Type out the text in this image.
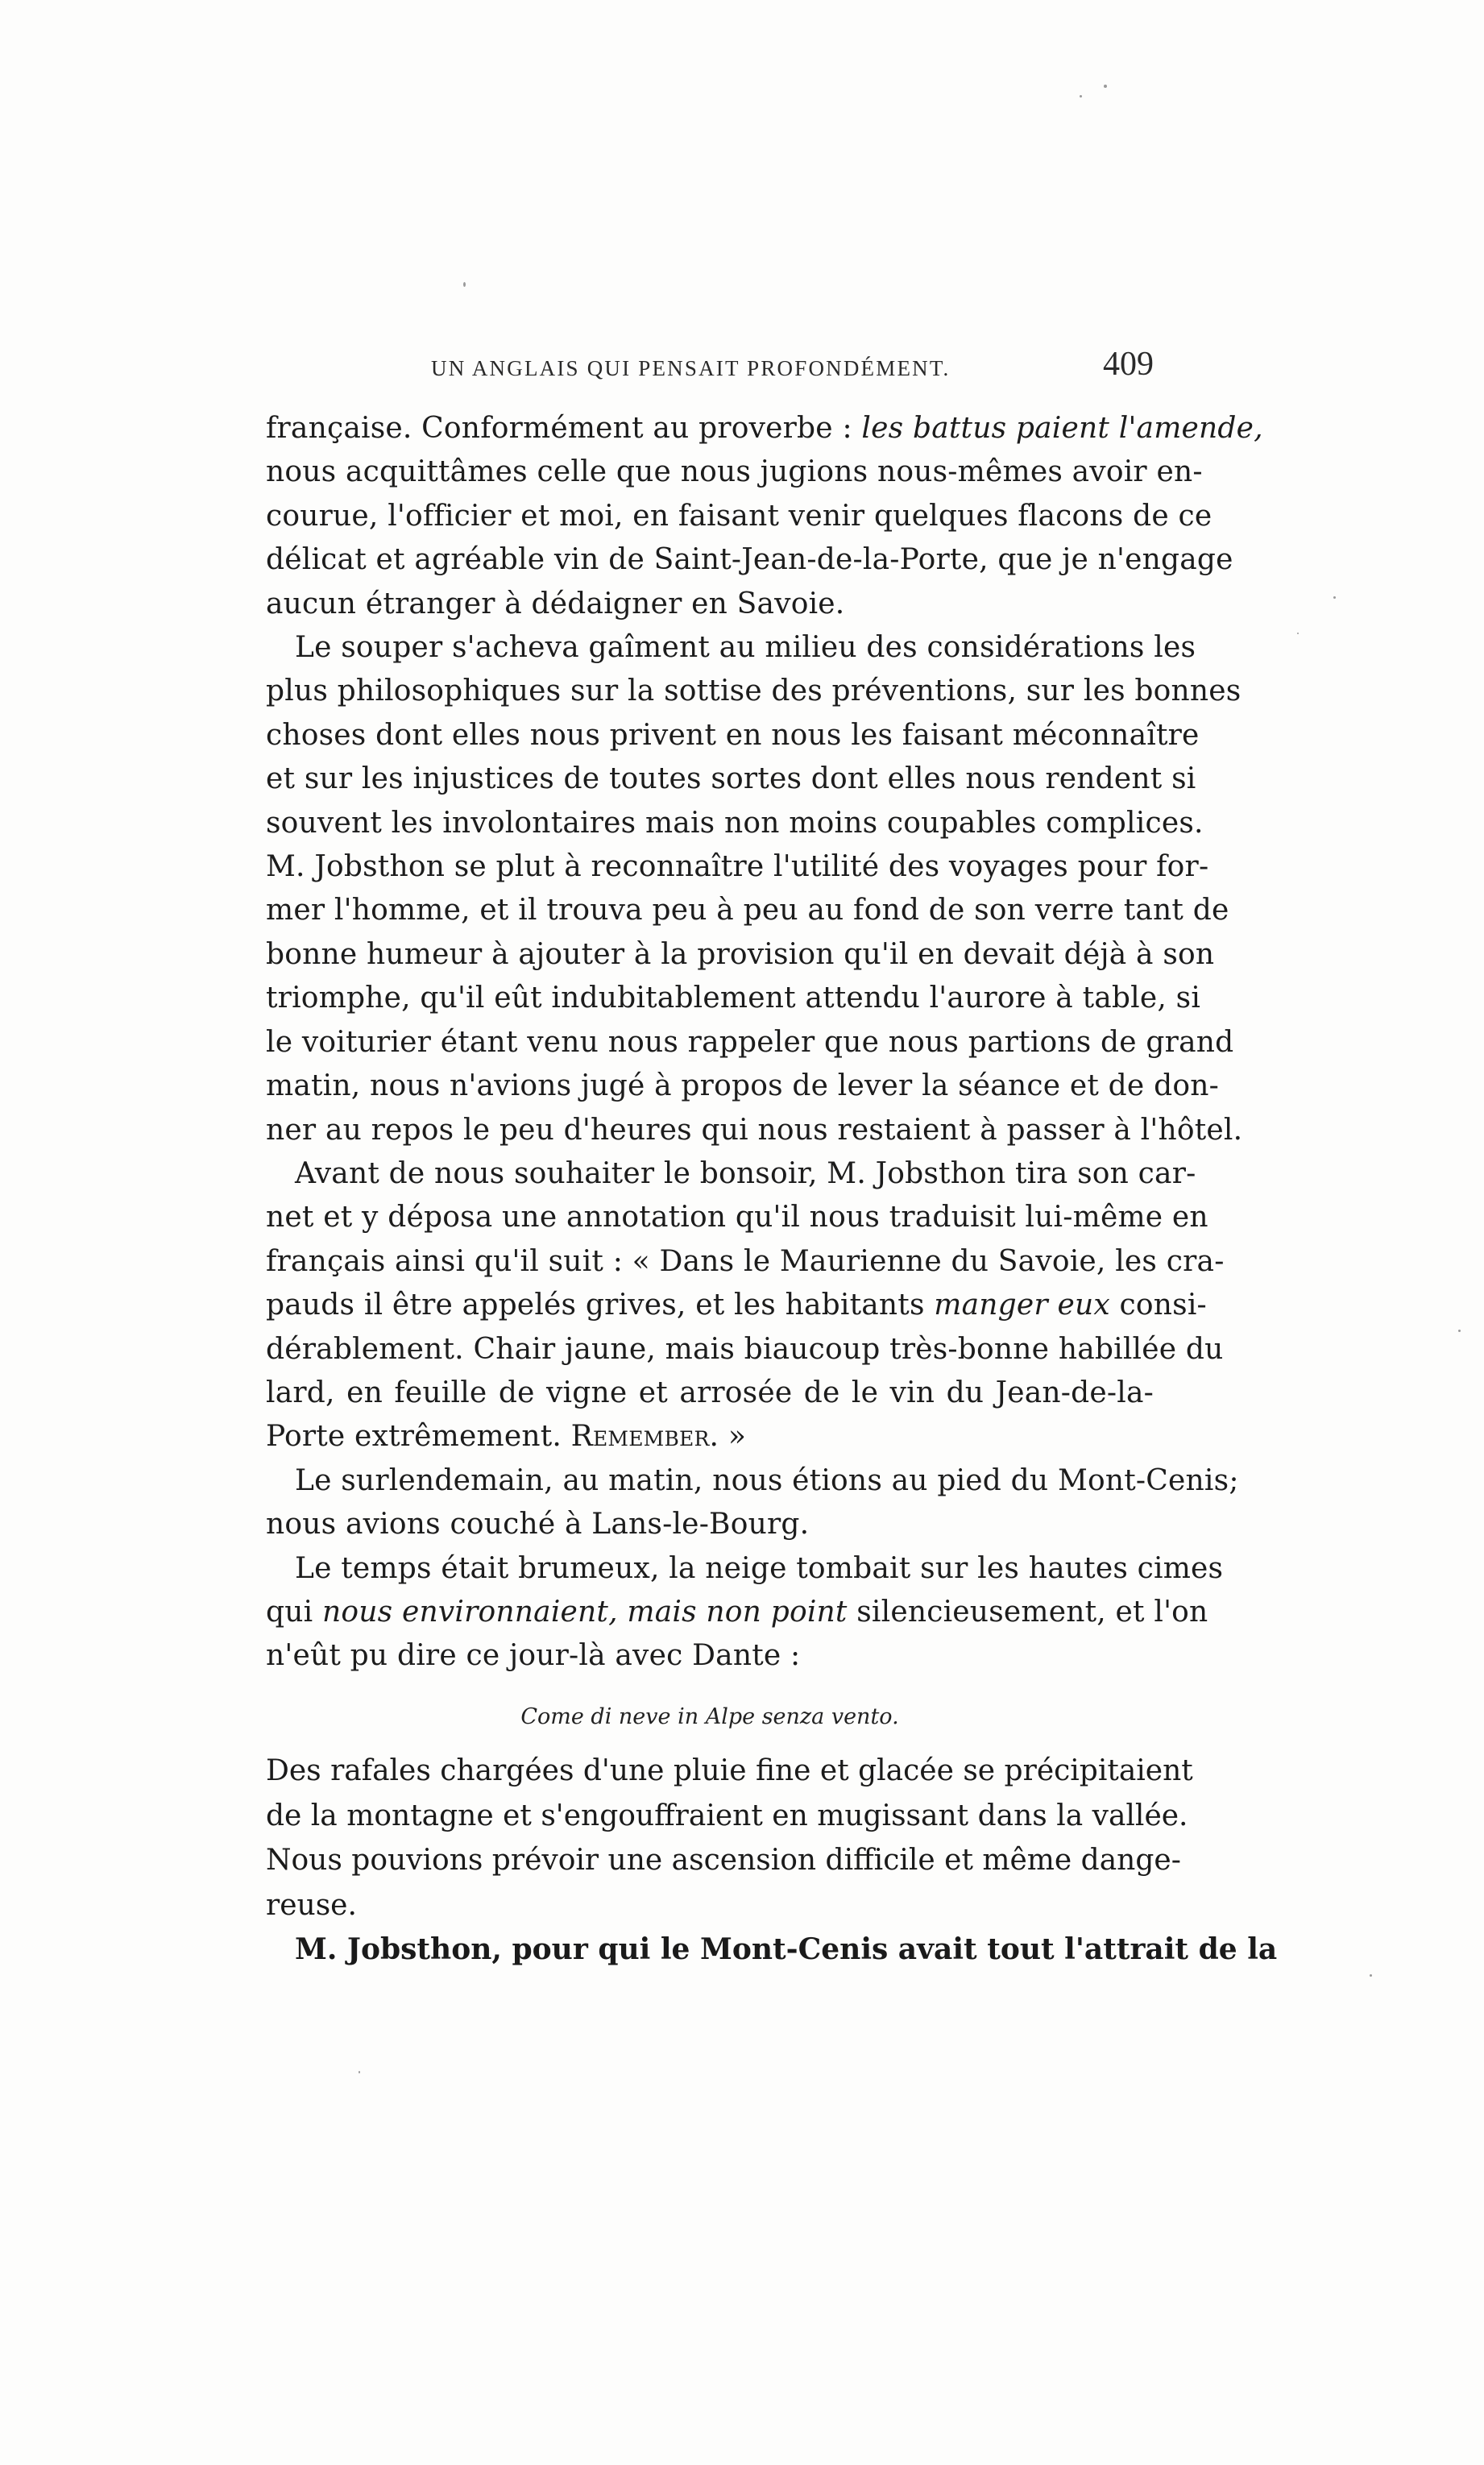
UN ANGLAIS QUI PENSAIT PROFONDÉMENT.	409
française. Conformément au proverbe : les battus paient l'amende,
nous acquittâmes celle que nous jugions nous-mêmes avoir en-
courue, l'officier et moi, en faisant venir quelques flacons de ce
délicat et agréable vin de Saint-Jean-de-la-Porte, que je n'engage
aucun étranger à dédaigner en Savoie.
Le souper s'acheva gaîment au milieu des considérations les
plus philosophiques sur la sottise des préventions, sur les bonnes
choses dont elles nous privent en nous les faisant méconnaître
et sur les injustices de toutes sortes dont elles nous rendent si
souvent les involontaires mais non moins coupables complices.
M. Jobsthon se plut à reconnaître l'utilité des voyages pour for-
mer l'homme, et il trouva peu à peu au fond de son verre tant de
bonne humeur à ajouter à la provision qu'il en devait déjà à son
triomphe, qu'il eût indubitablement attendu l'aurore à table, si
le voiturier étant venu nous rappeler que nous partions de grand
matin, nous n'avions jugé à propos de lever la séance et de don-
ner au repos le peu d'heures qui nous restaient à passer à l'hôtel.
Avant de nous souhaiter le bonsoir, M. Jobsthon tira son car-
net et y déposa une annotation qu'il nous traduisit lui-même en
français ainsi qu'il suit : « Dans le Maurienne du Savoie, les cra-
pauds il être appelés grives, et les habitants manger eux consi-
dérablement. Chair jaune, mais biaucoup très-bonne habillée du
lard, en feuille de vigne et arrosée de le vin du Jean-de-la-
Porte extrêmement. Remember. »
Le surlendemain, au matin, nous étions au pied du Mont-Cenis;
nous avions couché à Lans-le-Bourg.
Le temps était brumeux, la neige tombait sur les hautes cimes
qui nous environnaient, mais non point silencieusement, et l'on
n'eût pu dire ce jour-là avec Dante :
Come di neve in Alpe senza vento.
Des rafales chargées d'une pluie fine et glacée se précipitaient
de la montagne et s'engouffraient en mugissant dans la vallée.
Nous pouvions prévoir une ascension difficile et même dange-
reuse.
M. Jobsthon, pour qui le Mont-Cenis avait tout l'attrait de la
